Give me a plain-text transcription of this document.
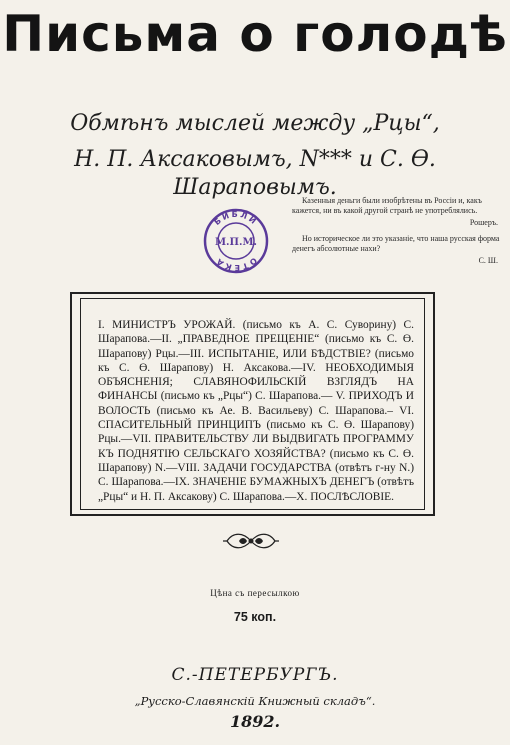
Письма о голодѣ
Обмѣнъ мыслей между „Рцы“,
Н. П. Аксаковымъ, N*** и С. Ө. Шараповымъ.

Казенныя деньги были изобрѣтены въ Россіи и, какъ кажется, ни въ какой другой странѣ не употреблялись.

Рошеръ.

Но историческое ли это указаніе, что наша русская форма денегъ абсолютные нахи?

С. Ш.

БИБЛИ
ОТЕКА
М.П.М.
I. МИНИСТРЪ УРОЖАЙ. (письмо къ А. С. Суворину) С. Шарапова.—II. „ПРАВЕДНОЕ ПРЕЩЕНІЕ“ (письмо къ С. Ө. Шарапову) Рцы.—III. ИСПЫТАНІЕ, ИЛИ БѢДСТВІЕ? (письмо къ С. Ө. Шарапову) Н. Аксакова.—IV. НЕОБХОДИМЫЯ ОБЪЯСНЕНІЯ; СЛАВЯНОФИЛЬСКІЙ ВЗГЛЯДЪ НА ФИНАНСЫ (письмо къ „Рцы“) С. Шарапова.— V. ПРИХОДЪ И ВОЛОСТЬ (письмо къ Ае. В. Васильеву) С. Шарапова.– VI. СПАСИТЕЛЬНЫЙ ПРИНЦИПЪ (письмо къ С. Ө. Шарапову) Рцы.—VII. ПРАВИТЕЛЬСТВУ ЛИ ВЫДВИГАТЬ ПРОГРАММУ КЪ ПОДНЯТІЮ СЕЛЬСКАГО ХОЗЯЙСТВА? (письмо къ С. Ө. Шарапову) N.—VIII. ЗАДАЧИ ГОСУДАРСТВА (отвѣтъ г-ну N.) С. Шарапова.—IX. ЗНАЧЕНІЕ БУМАЖНЫХЪ ДЕНЕГЪ (отвѣтъ „Рцы“ и Н. П. Аксакову) С. Шарапова.—X. ПОСЛѢСЛОВІЕ.
Цѣна съ пересылкою
75 коп.
С.-ПЕТЕРБУРГЪ.
„Русско-Славянскій Книжный складъ“.
1892.
